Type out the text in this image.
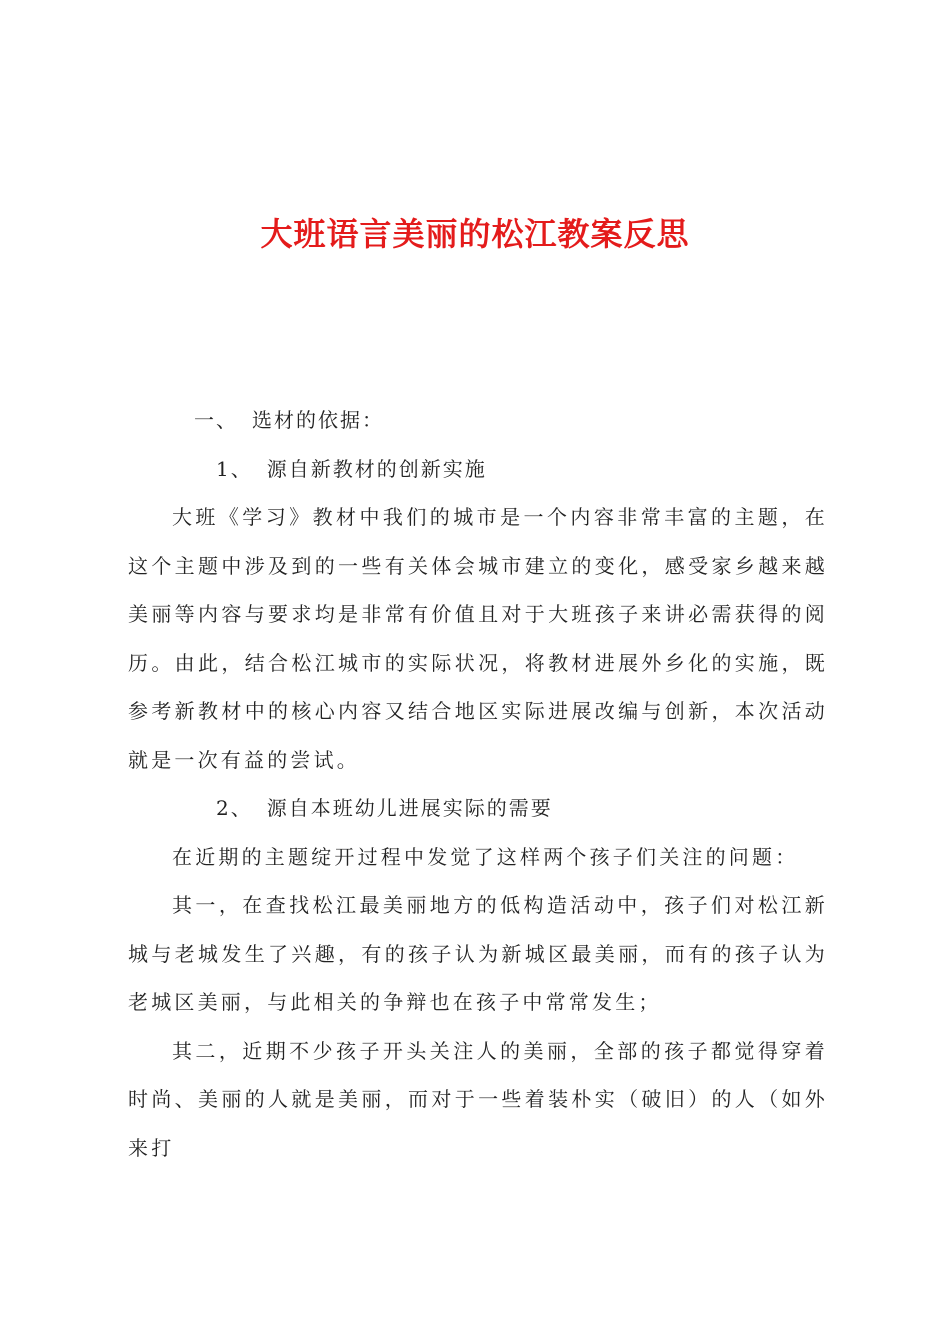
大班语言美丽的松江教案反思

一、 选材的依据：

1、 源自新教材的创新实施

大班《学习》教材中我们的城市是一个内容非常丰富的主题，在这个主题中涉及到的一些有关体会城市建立的变化，感受家乡越来越美丽等内容与要求均是非常有价值且对于大班孩子来讲必需获得的阅历。由此，结合松江城市的实际状况，将教材进展外乡化的实施，既参考新教材中的核心内容又结合地区实际进展改编与创新，本次活动就是一次有益的尝试。

2、 源自本班幼儿进展实际的需要

在近期的主题绽开过程中发觉了这样两个孩子们关注的问题：

其一，在查找松江最美丽地方的低构造活动中，孩子们对松江新城与老城发生了兴趣，有的孩子认为新城区最美丽，而有的孩子认为老城区美丽，与此相关的争辩也在孩子中常常发生；

其二，近期不少孩子开头关注人的美丽，全部的孩子都觉得穿着时尚、美丽的人就是美丽，而对于一些着装朴实（破旧）的人（如外来打
